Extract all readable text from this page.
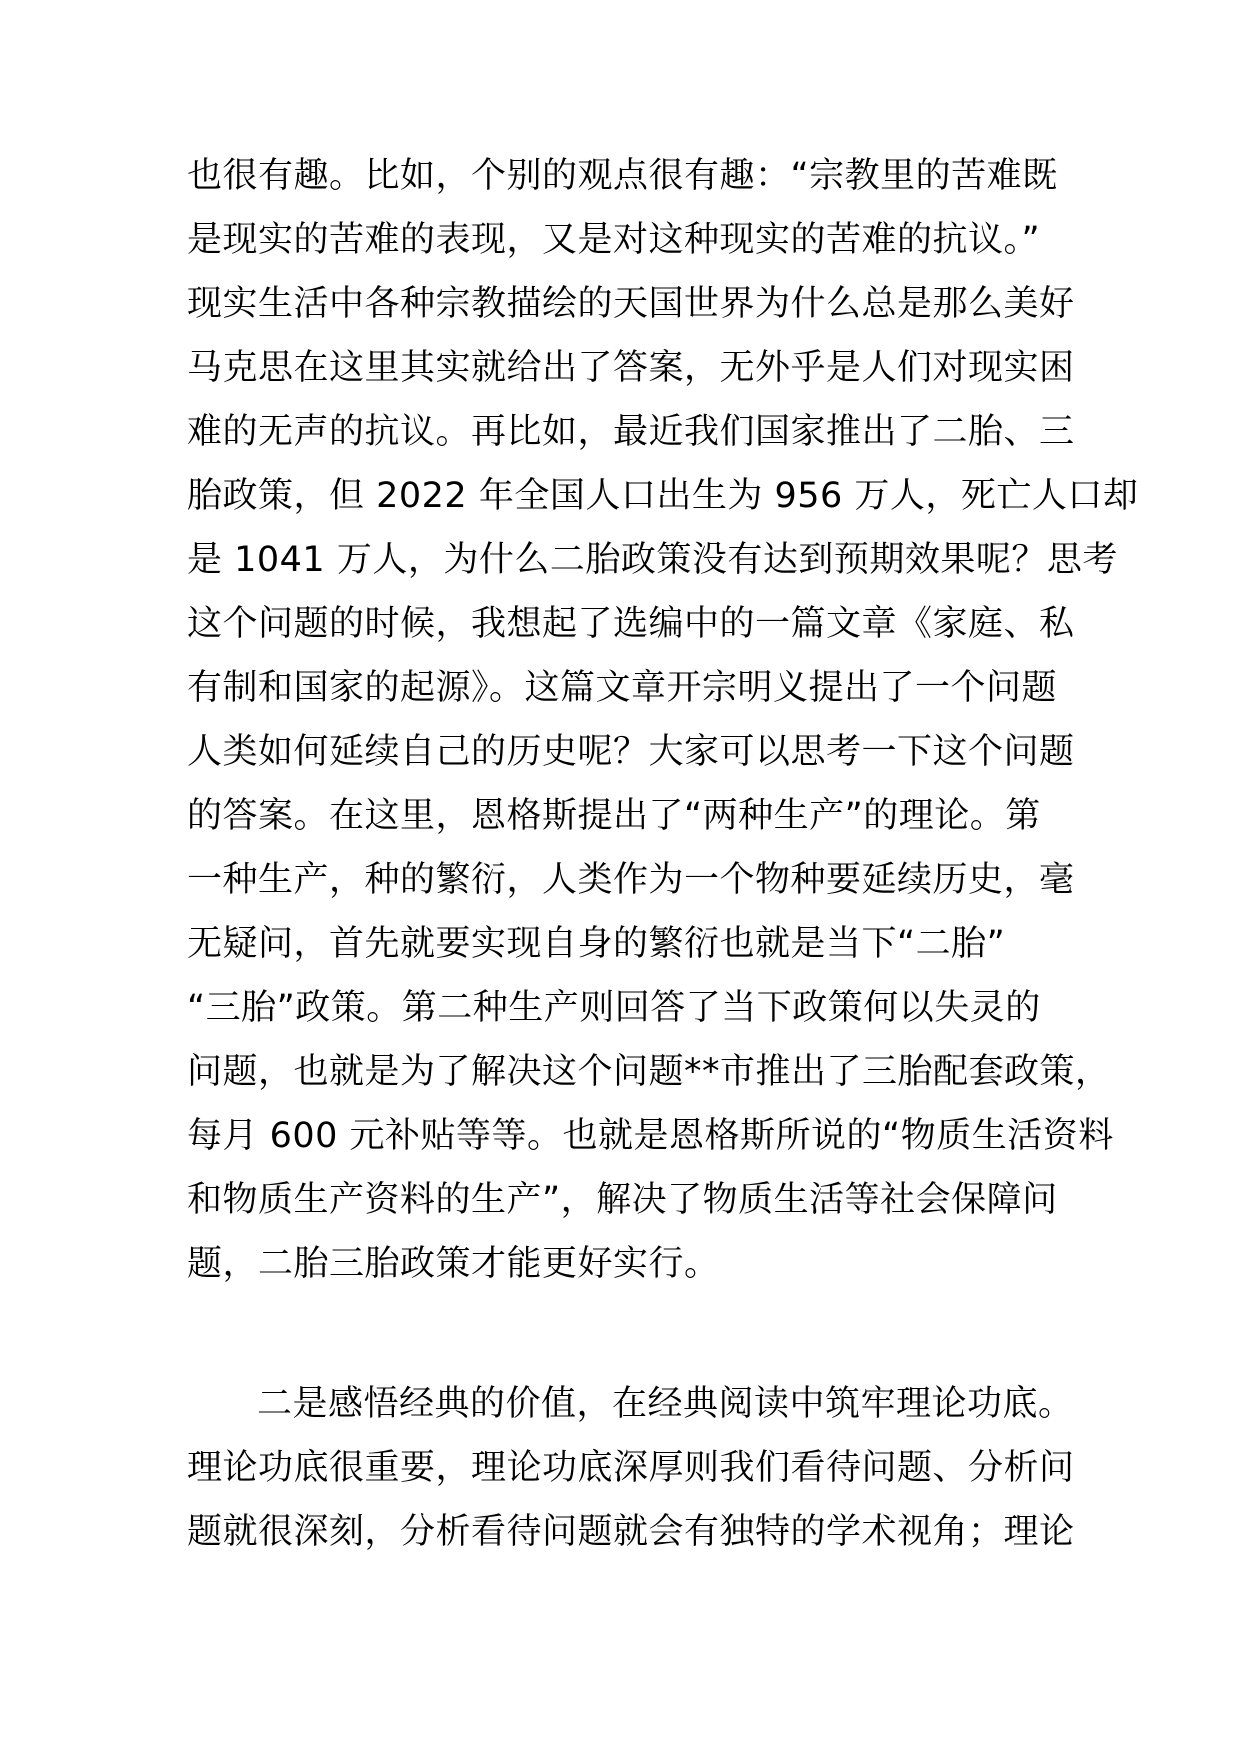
也很有趣。比如，个别的观点很有趣：“宗教里的苦难既
是现实的苦难的表现，又是对这种现实的苦难的抗议。”
现实生活中各种宗教描绘的天国世界为什么总是那么美好
马克思在这里其实就给出了答案，无外乎是人们对现实困
难的无声的抗议。再比如，最近我们国家推出了二胎、三
胎政策，但 2022 年全国人口出生为 956 万人，死亡人口却
是 1041 万人，为什么二胎政策没有达到预期效果呢？思考
这个问题的时候，我想起了选编中的一篇文章《家庭、私
有制和国家的起源》。这篇文章开宗明义提出了一个问题
人类如何延续自己的历史呢？大家可以思考一下这个问题
的答案。在这里，恩格斯提出了“两种生产”的理论。第
一种生产，种的繁衍，人类作为一个物种要延续历史，毫
无疑问，首先就要实现自身的繁衍也就是当下“二胎”
“三胎”政策。第二种生产则回答了当下政策何以失灵的
问题，也就是为了解决这个问题**市推出了三胎配套政策，
每月 600 元补贴等等。也就是恩格斯所说的“物质生活资料
和物质生产资料的生产”，解决了物质生活等社会保障问
题，二胎三胎政策才能更好实行。
二是感悟经典的价值，在经典阅读中筑牢理论功底。
理论功底很重要，理论功底深厚则我们看待问题、分析问
题就很深刻，分析看待问题就会有独特的学术视角；理论
